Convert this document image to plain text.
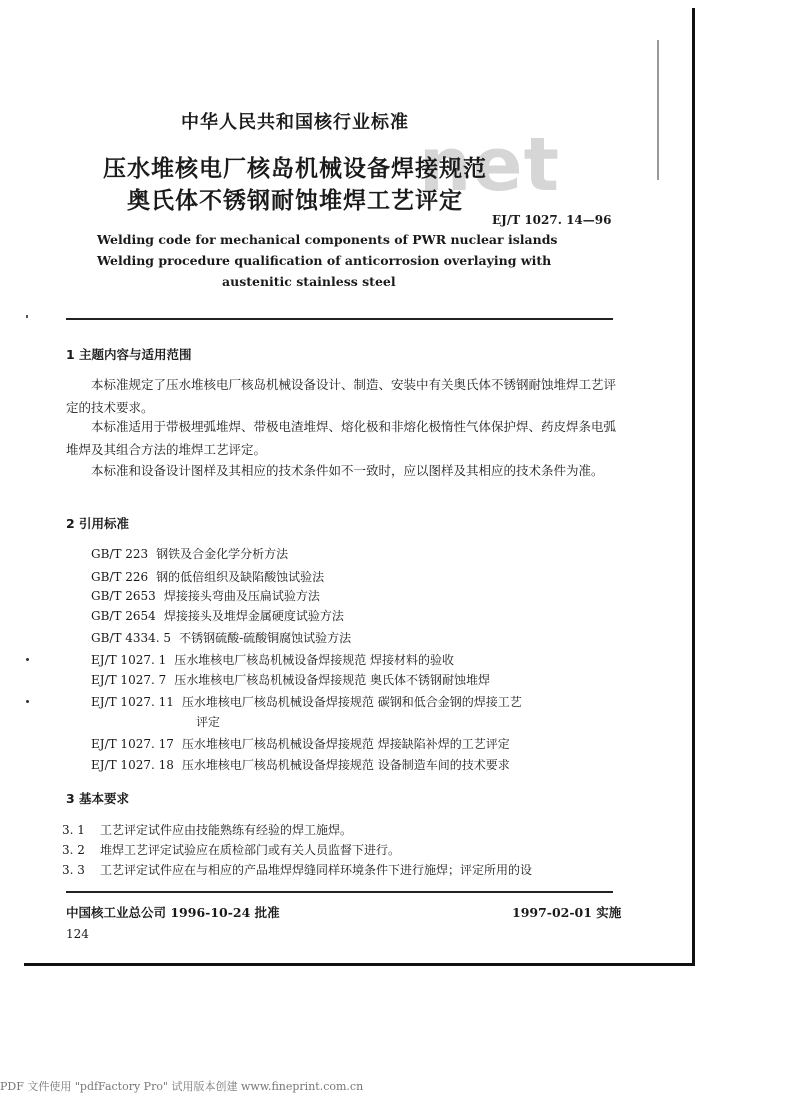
net
中华人民共和国核行业标准
压水堆核电厂核岛机械设备焊接规范
奥氏体不锈钢耐蚀堆焊工艺评定
EJ/T 1027. 14—96
Welding code for mechanical components of PWR nuclear islands
Welding procedure qualification of anticorrosion overlaying with
austenitic stainless steel
1 主题内容与适用范围

本标准规定了压水堆核电厂核岛机械设备设计、制造、安装中有关奥氏体不锈钢耐蚀堆焊工艺评定的技术要求。

本标准适用于带极埋弧堆焊、带极电渣堆焊、熔化极和非熔化极惰性气体保护焊、药皮焊条电弧堆焊及其组合方法的堆焊工艺评定。

本标准和设备设计图样及其相应的技术条件如不一致时，应以图样及其相应的技术条件为准。

2 引用标准
GB/T 223 钢铁及合金化学分析方法
GB/T 226 钢的低倍组织及缺陷酸蚀试验法
GB/T 2653 焊接接头弯曲及压扁试验方法
GB/T 2654 焊接接头及堆焊金属硬度试验方法
GB/T 4334. 5 不锈钢硫酸-硫酸铜腐蚀试验方法
EJ/T 1027. 1 压水堆核电厂核岛机械设备焊接规范 焊接材料的验收
EJ/T 1027. 7 压水堆核电厂核岛机械设备焊接规范 奥氏体不锈钢耐蚀堆焊
EJ/T 1027. 11 压水堆核电厂核岛机械设备焊接规范 碳钢和低合金钢的焊接工艺
评定
EJ/T 1027. 17 压水堆核电厂核岛机械设备焊接规范 焊接缺陷补焊的工艺评定
EJ/T 1027. 18 压水堆核电厂核岛机械设备焊接规范 设备制造车间的技术要求
3 基本要求
3. 1 工艺评定试件应由技能熟练有经验的焊工施焊。
3. 2 堆焊工艺评定试验应在质检部门或有关人员监督下进行。
3. 3 工艺评定试件应在与相应的产品堆焊焊缝同样环境条件下进行施焊；评定所用的设
中国核工业总公司 1996-10-24 批准	1997-02-01 实施
124
PDF 文件使用 "pdfFactory Pro" 试用版本创建 www.fineprint.com.cn
